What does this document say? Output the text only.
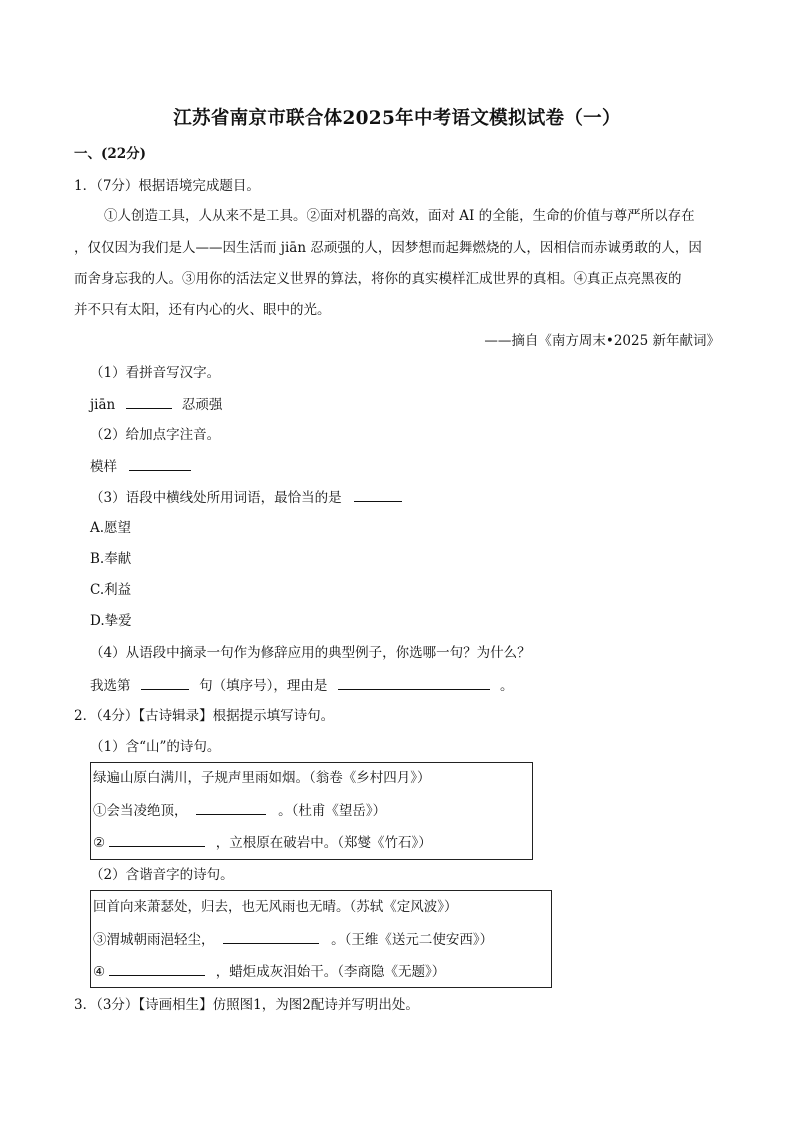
江苏省南京市联合体2025年中考语文模拟试卷（一）
一、(22分)
1．（7分）根据语境完成题目。
①人创造工具，人从来不是工具。②面对机器的高效，面对 AI 的全能，生命的价值与尊严所以存在
，仅仅因为我们是人——因生活而 jiān 忍顽强的人，因梦想而起舞燃烧的人，因相信而赤诚勇敢的人，因
而舍身忘我的人。③用你的活法定义世界的算法，将你的真实模样汇成世界的真相。④真正点亮黑夜的
并不只有太阳，还有内心的火、眼中的光。
——摘自《南方周末•2025 新年献词》
（1）看拼音写汉字。
jiān	忍顽强
（2）给加点字注音。
模样
（3）语段中横线处所用词语，最恰当的是
A.愿望
B.奉献
C.利益
D.挚爱
（4）从语段中摘录一句作为修辞应用的典型例子，你选哪一句？为什么？
我选第	句（填序号），理由是	。
2．（4分）【古诗辑录】根据提示填写诗句。
（1）含“山”的诗句。
绿遍山原白满川，子规声里雨如烟。（翁卷《乡村四月》）
①会当凌绝顶，	。（杜甫《望岳》）
②	，立根原在破岩中。（郑燮《竹石》）
（2）含谐音字的诗句。
回首向来萧瑟处，归去，也无风雨也无晴。（苏轼《定风波》）
③渭城朝雨浥轻尘，	。（王维《送元二使安西》）
④	，蜡炬成灰泪始干。（李商隐《无题》）
3．（3分）【诗画相生】仿照图1，为图2配诗并写明出处。
